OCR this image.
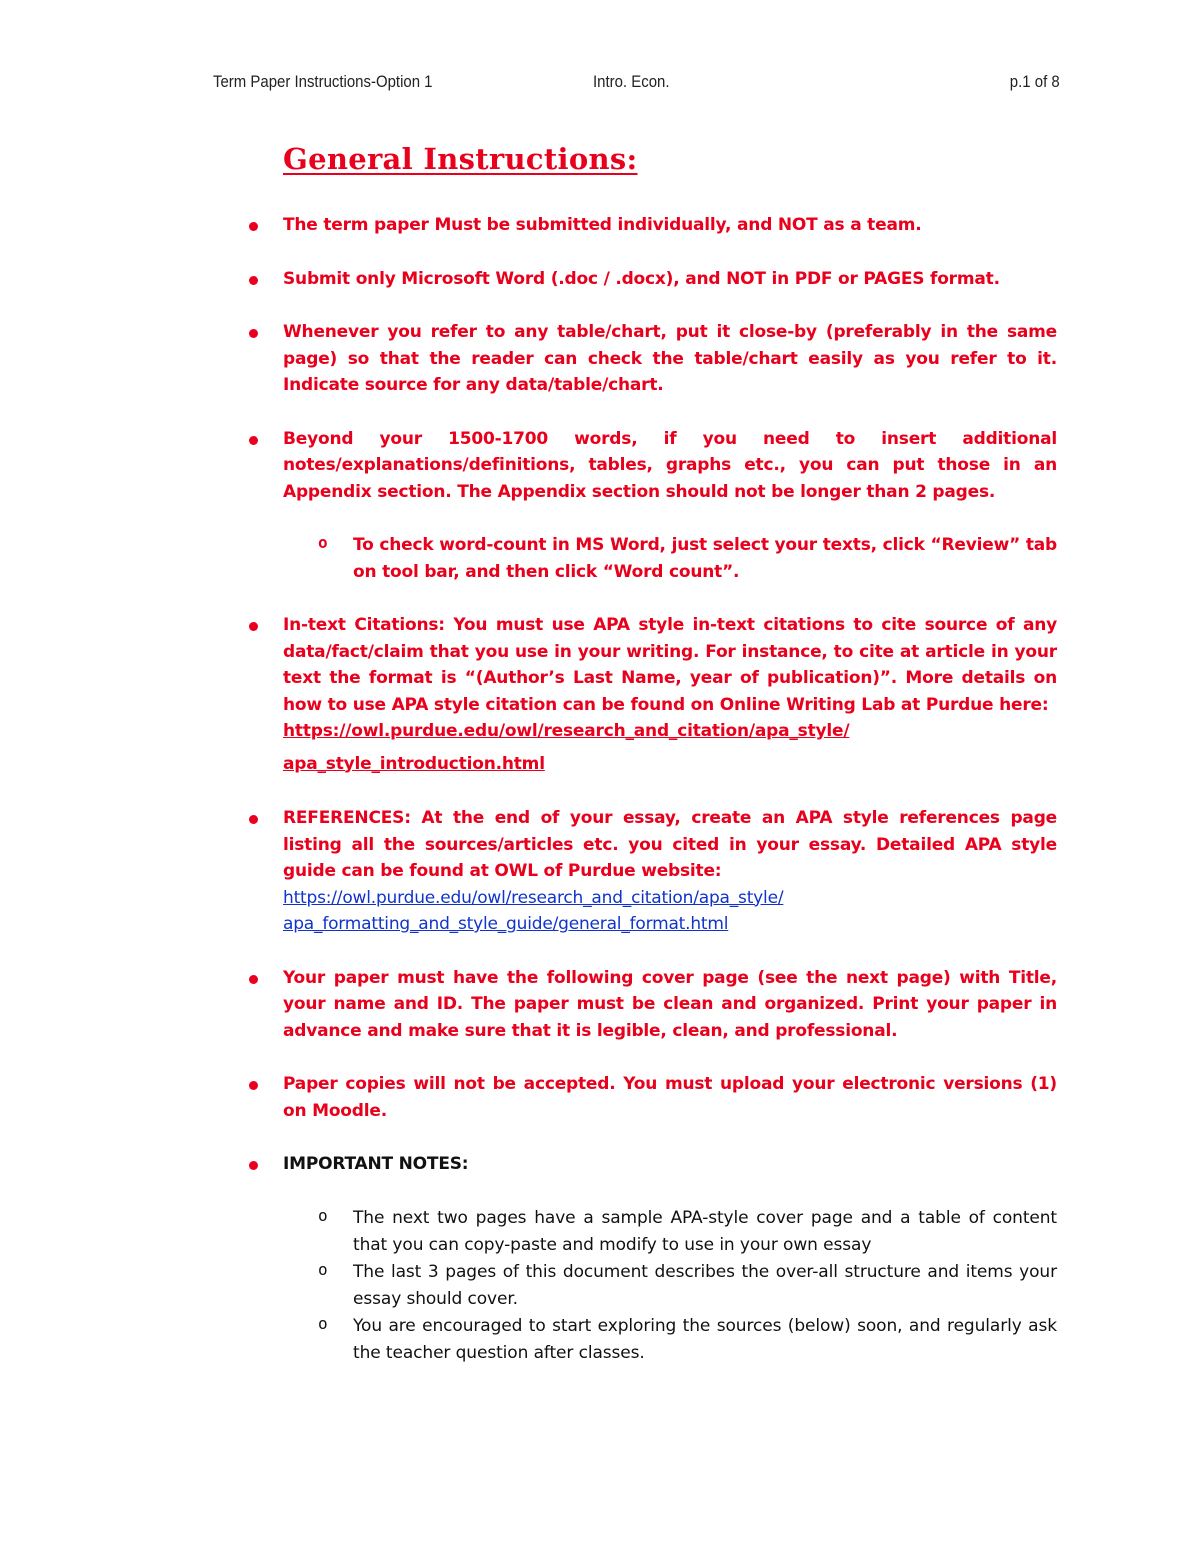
Term Paper Instructions-Option 1	Intro. Econ.	p.1 of 8
General Instructions:
The term paper Must be submitted individually, and NOT as a team.
Submit only Microsoft Word (.doc / .docx), and NOT in PDF or PAGES format.
Whenever you refer to any table/chart, put it close-by (preferably in the same page) so that the reader can check the table/chart easily as you refer to it. Indicate source for any data/table/chart.
Beyond your 1500-1700 words, if you need to insert additional notes/explanations/definitions, tables, graphs etc., you can put those in an Appendix section. The Appendix section should not be longer than 2 pages.
o To check word-count in MS Word, just select your texts, click “Review” tab on tool bar, and then click “Word count”.
In-text Citations: You must use APA style in-text citations to cite source of any data/fact/claim that you use in your writing. For instance, to cite at article in your text the format is “(Author’s Last Name, year of publication)”. More details on how to use APA style citation can be found on Online Writing Lab at Purdue here:
https://owl.purdue.edu/owl/research_and_citation/apa_style/
apa_style_introduction.html
REFERENCES: At the end of your essay, create an APA style references page listing all the sources/articles etc. you cited in your essay. Detailed APA style guide can be found at OWL of Purdue website:
https://owl.purdue.edu/owl/research_and_citation/apa_style/
apa_formatting_and_style_guide/general_format.html
Your paper must have the following cover page (see the next page) with Title, your name and ID. The paper must be clean and organized. Print your paper in advance and make sure that it is legible, clean, and professional.
Paper copies will not be accepted. You must upload your electronic versions (1) on Moodle.
IMPORTANT NOTES:
o The next two pages have a sample APA-style cover page and a table of content that you can copy-paste and modify to use in your own essay
o The last 3 pages of this document describes the over-all structure and items your essay should cover.
o You are encouraged to start exploring the sources (below) soon, and regularly ask the teacher question after classes.
